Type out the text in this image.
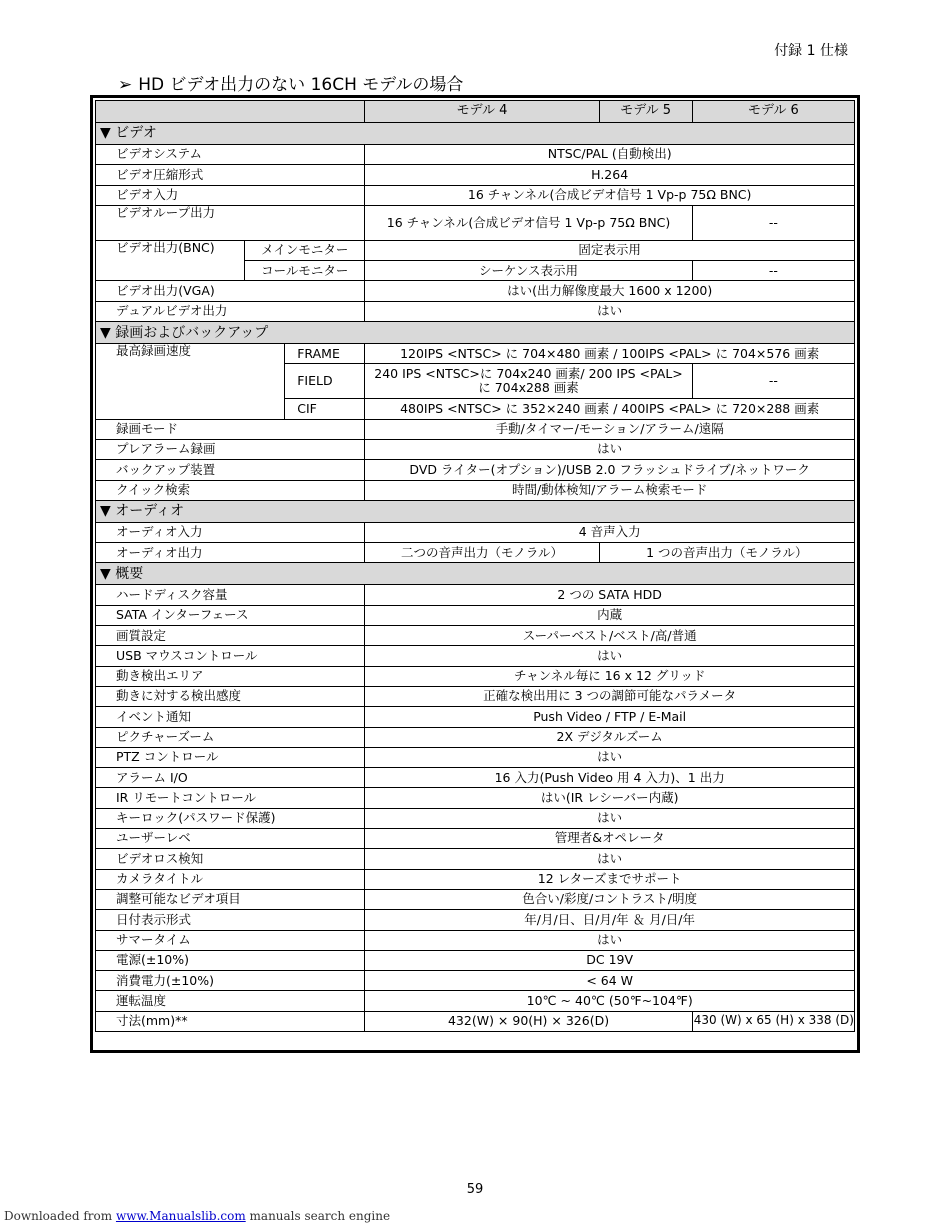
付録 1 仕様
➢ HD ビデオ出力のない 16CH モデルの場合
			モデル 4	モデル 5	モデル 6
▼ ビデオ					
ビデオシステム			NTSC/PAL (自動検出)		
ビデオ圧縮形式			H.264		
ビデオ入力			16 チャンネル(合成ビデオ信号 1 Vp-p 75Ω BNC)		
ビデオループ出力			16 チャンネル(合成ビデオ信号 1 Vp-p 75Ω BNC)		--
ビデオ出力(BNC)	メインモニター		固定表示用		
	コールモニター		シーケンス表示用		--
ビデオ出力(VGA)			はい(出力解像度最大 1600 x 1200)		
デュアルビデオ出力			はい		
▼ 録画およびバックアップ					
最高録画速度		FRAME	120IPS <NTSC> に 704×480 画素 / 100IPS <PAL> に 704×576 画素		
		FIELD	240 IPS <NTSC>に 704x240 画素/ 200 IPS <PAL>に 704x288 画素		--
		CIF	480IPS <NTSC> に 352×240 画素 / 400IPS <PAL> に 720×288 画素		
録画モード			手動/タイマー/モーション/アラーム/遠隔		
プレアラーム録画			はい		
バックアップ装置			DVD ライター(オプション)/USB 2.0 フラッシュドライブ/ネットワーク		
クイック検索			時間/動体検知/アラーム検索モード		
▼ オーディオ					
オーディオ入力			4 音声入力		
オーディオ出力			二つの音声出力（モノラル）	1 つの音声出力（モノラル）	
▼ 概要					
ハードディスク容量			2 つの SATA HDD		
SATA インターフェース			内蔵		
画質設定			スーパーベスト/ベスト/高/普通		
USB マウスコントロール			はい		
動き検出エリア			チャンネル毎に 16 x 12 グリッド		
動きに対する検出感度			正確な検出用に 3 つの調節可能なパラメータ		
イベント通知			Push Video / FTP / E-Mail		
ピクチャーズーム			2X デジタルズーム		
PTZ コントロール			はい		
アラーム I/O			16 入力(Push Video 用 4 入力)、1 出力		
IR リモートコントロール			はい(IR レシーバー内蔵)		
キーロック(パスワード保護)			はい		
ユーザーレベ			管理者&オペレータ		
ビデオロス検知			はい		
カメラタイトル			12 レターズまでサポート		
調整可能なビデオ項目			色合い/彩度/コントラスト/明度		
日付表示形式			年/月/日、日/月/年 ＆ 月/日/年		
サマータイム			はい		
電源(±10%)			DC 19V		
消費電力(±10%)			< 64 W		
運転温度			10℃ ~ 40℃ (50℉~104℉)		
寸法(mm)**			432(W) × 90(H) × 326(D)		430 (W) x 65 (H) x 338 (D)
59
Downloaded from www.Manualslib.com manuals search engine
